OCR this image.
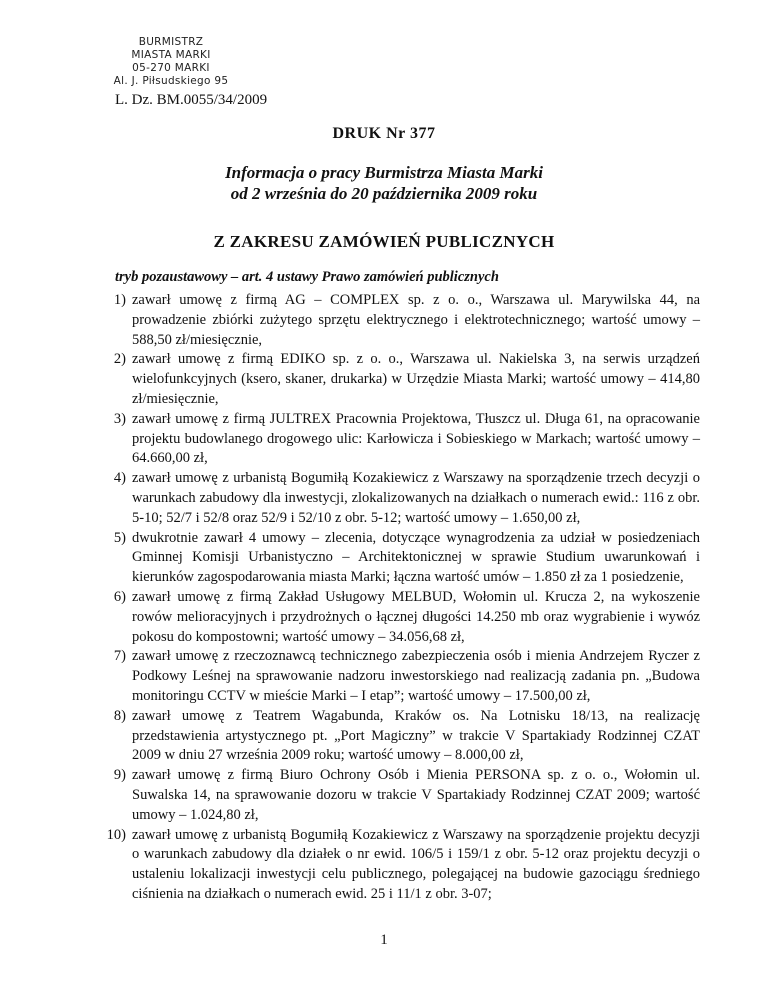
BURMISTRZ
MIASTA MARKI
05-270 MARKI
Al. J. Piłsudskiego 95
L. Dz. BM.0055/34/2009
DRUK Nr 377
Informacja o pracy Burmistrza Miasta Marki
od 2 września do 20 października 2009 roku
Z ZAKRESU ZAMÓWIEŃ PUBLICZNYCH
tryb pozaustawowy – art. 4 ustawy Prawo zamówień publicznych
1) zawarł umowę z firmą AG – COMPLEX sp. z o. o., Warszawa ul. Marywilska 44, na prowadzenie zbiórki zużytego sprzętu elektrycznego i elektrotechnicznego; wartość umowy – 588,50 zł/miesięcznie,
2) zawarł umowę z firmą EDIKO sp. z o. o., Warszawa ul. Nakielska 3, na serwis urządzeń wielofunkcyjnych (ksero, skaner, drukarka) w Urzędzie Miasta Marki; wartość umowy – 414,80 zł/miesięcznie,
3) zawarł umowę z firmą JULTREX Pracownia Projektowa, Tłuszcz ul. Długa 61, na opracowanie projektu budowlanego drogowego ulic: Karłowicza i Sobieskiego w Markach; wartość umowy – 64.660,00 zł,
4) zawarł umowę z urbanistą Bogumiłą Kozakiewicz z Warszawy na sporządzenie trzech decyzji o warunkach zabudowy dla inwestycji, zlokalizowanych na działkach o numerach ewid.: 116 z obr. 5-10; 52/7 i 52/8 oraz 52/9 i 52/10 z obr. 5-12; wartość umowy – 1.650,00 zł,
5) dwukrotnie zawarł 4 umowy – zlecenia, dotyczące wynagrodzenia za udział w posiedzeniach Gminnej Komisji Urbanistyczno – Architektonicznej w sprawie Studium uwarunkowań i kierunków zagospodarowania miasta Marki; łączna wartość umów – 1.850 zł za 1 posiedzenie,
6) zawarł umowę z firmą Zakład Usługowy MELBUD, Wołomin ul. Krucza 2, na wykoszenie rowów melioracyjnych i przydrożnych o łącznej długości 14.250 mb oraz wygrabienie i wywóz pokosu do kompostowni; wartość umowy – 34.056,68 zł,
7) zawarł umowę z rzeczoznawcą technicznego zabezpieczenia osób i mienia Andrzejem Ryczer z Podkowy Leśnej na sprawowanie nadzoru inwestorskiego nad realizacją zadania pn. „Budowa monitoringu CCTV w mieście Marki – I etap”; wartość umowy – 17.500,00 zł,
8) zawarł umowę z Teatrem Wagabunda, Kraków os. Na Lotnisku 18/13, na realizację przedstawienia artystycznego pt. „Port Magiczny” w trakcie V Spartakiady Rodzinnej CZAT 2009 w dniu 27 września 2009 roku; wartość umowy – 8.000,00 zł,
9) zawarł umowę z firmą Biuro Ochrony Osób i Mienia PERSONA sp. z o. o., Wołomin ul. Suwalska 14, na sprawowanie dozoru w trakcie V Spartakiady Rodzinnej CZAT 2009; wartość umowy – 1.024,80 zł,
10) zawarł umowę z urbanistą Bogumiłą Kozakiewicz z Warszawy na sporządzenie projektu decyzji o warunkach zabudowy dla działek o nr ewid. 106/5 i 159/1 z obr. 5-12 oraz projektu decyzji o ustaleniu lokalizacji inwestycji celu publicznego, polegającej na budowie gazociągu średniego ciśnienia na działkach o numerach ewid. 25 i 11/1 z obr. 3-07;
1
